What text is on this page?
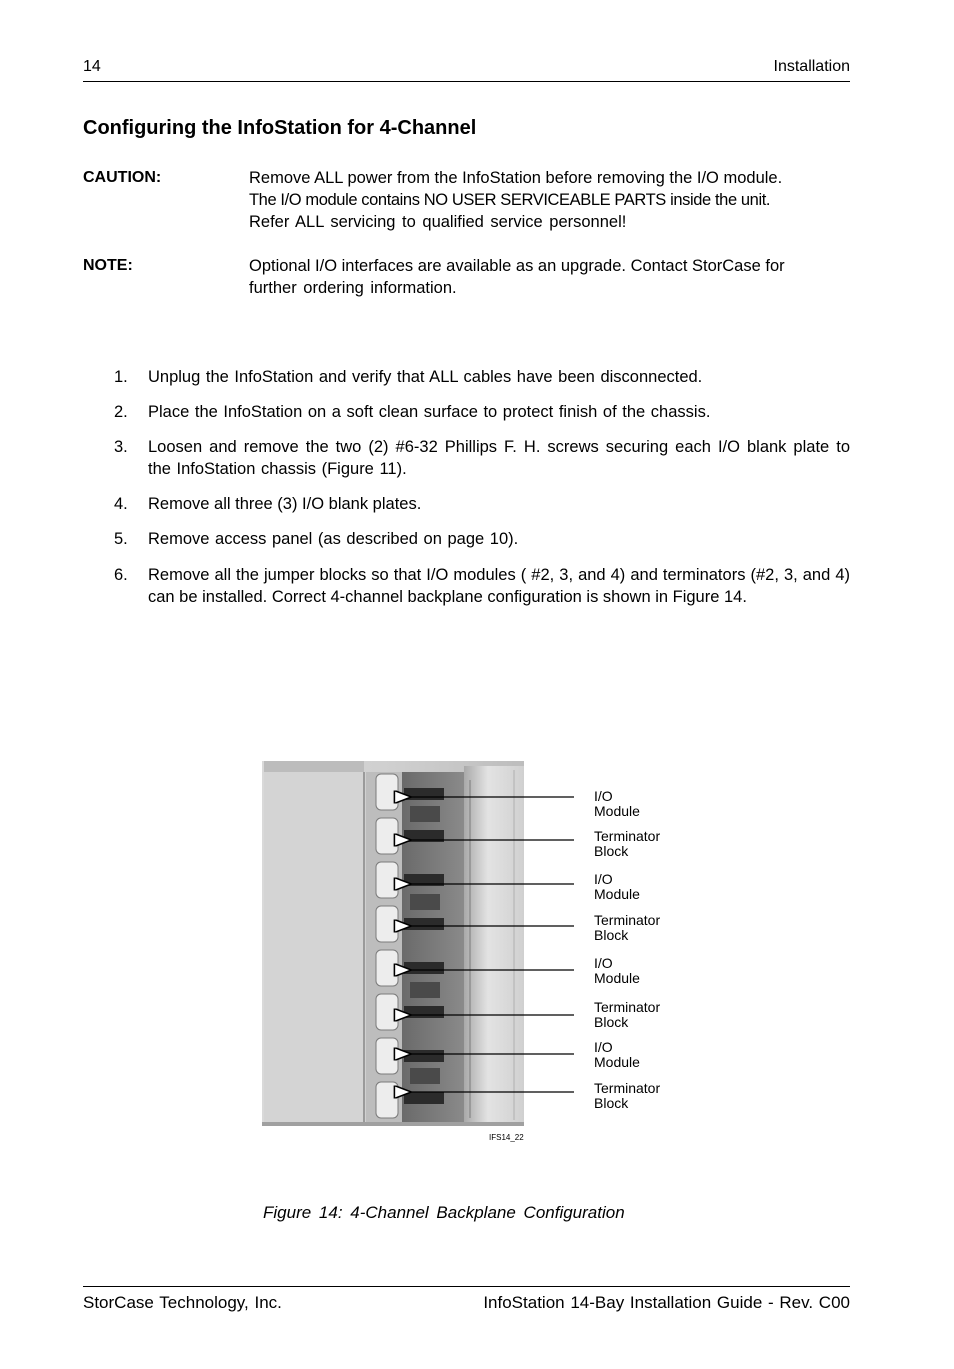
14	Installation
Configuring the InfoStation for 4-Channel
CAUTION:	Remove ALL power from the InfoStation before removing the I/O module.
The I/O module contains NO USER SERVICEABLE PARTS inside the unit.
Refer ALL servicing to qualified service personnel!
NOTE:	Optional I/O interfaces are available as an upgrade. Contact StorCase for
further ordering information.
1. Unplug the InfoStation and verify that ALL cables have been disconnected.
2. Place the InfoStation on a soft clean surface to protect finish of the chassis.
3. Loosen and remove the two (2) #6-32 Phillips F. H. screws securing each I/O blank plate to the InfoStation chassis (Figure 11).
4. Remove all three (3) I/O blank plates.
5. Remove access panel (as described on page 10).
6. Remove all the jumper blocks so that I/O modules ( #2, 3, and 4) and terminators (#2, 3, and 4) can be installed. Correct 4-channel backplane configuration is shown in Figure 14.
I/O
Module
Terminator
Block
I/O
Module
Terminator
Block
I/O
Module
Terminator
Block
I/O
Module
Terminator
Block
IFS14_22
Figure 14: 4-Channel Backplane Configuration
StorCase Technology, Inc.	InfoStation 14-Bay Installation Guide - Rev. C00
